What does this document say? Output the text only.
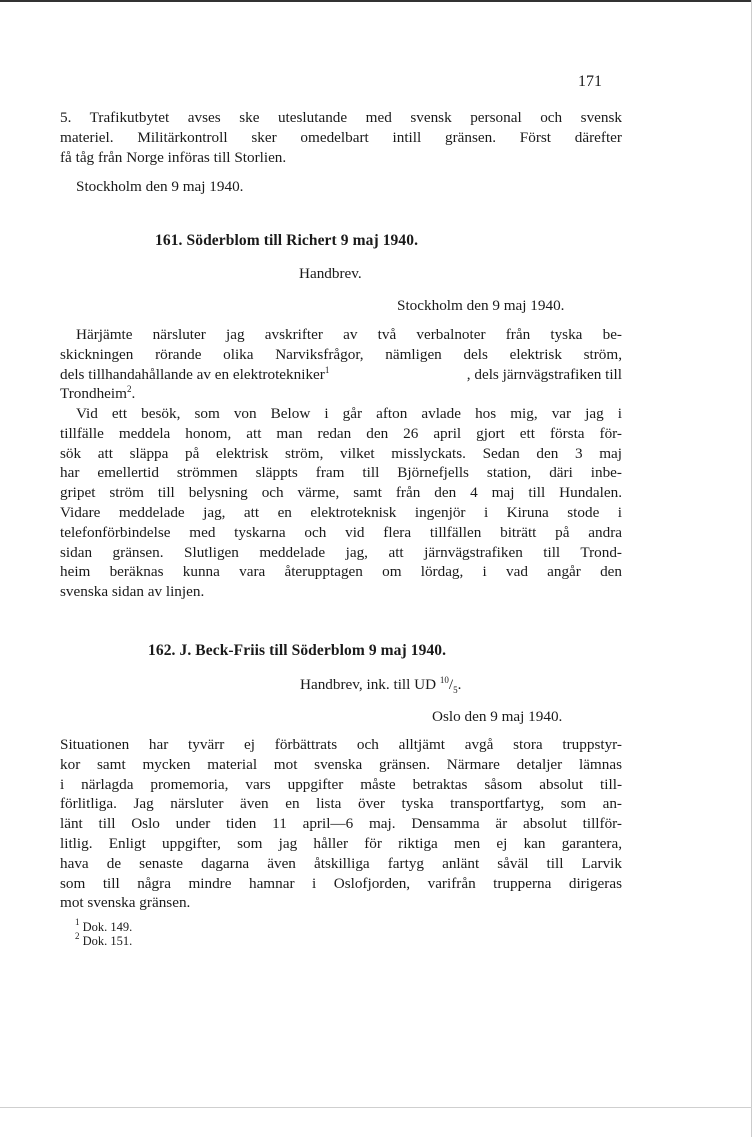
171
5. Trafikutbytet avses ske uteslutande med svensk personal och svensk
materiel. Militärkontroll sker omedelbart intill gränsen. Först därefter
få tåg från Norge införas till Storlien.
Stockholm den 9 maj 1940.
161. Söderblom till Richert 9 maj 1940.
Handbrev.
Stockholm den 9 maj 1940.
Härjämte närsluter jag avskrifter av två verbalnoter från tyska be-
skickningen rörande olika Narviksfrågor, nämligen dels elektrisk ström,
dels tillhandahållande av en elektrotekniker$^1$	, dels järnvägstrafiken till
Trondheim$^2$.
Vid ett besök, som von Below i går afton avlade hos mig, var jag i
tillfälle meddela honom, att man redan den 26 april gjort ett första för-
sök att släppa på elektrisk ström, vilket misslyckats. Sedan den 3 maj
har emellertid strömmen släppts fram till Björnefjells station, däri inbe-
gripet ström till belysning och värme, samt från den 4 maj till Hundalen.
Vidare meddelade jag, att en elektroteknisk ingenjör i Kiruna stode i
telefonförbindelse med tyskarna och vid flera tillfällen biträtt på andra
sidan gränsen. Slutligen meddelade jag, att järnvägstrafiken till Trond-
heim beräknas kunna vara återupptagen om lördag, i vad angår den
svenska sidan av linjen.
162. J. Beck-Friis till Söderblom 9 maj 1940.
Handbrev, ink. till UD $^{10}/_5$.
Oslo den 9 maj 1940.
Situationen har tyvärr ej förbättrats och alltjämt avgå stora truppstyr-
kor samt mycken material mot svenska gränsen. Närmare detaljer lämnas
i närlagda promemoria, vars uppgifter måste betraktas såsom absolut till-
förlitliga. Jag närsluter även en lista över tyska transportfartyg, som an-
länt till Oslo under tiden 11 april—6 maj. Densamma är absolut tillför-
litlig. Enligt uppgifter, som jag håller för riktiga men ej kan garantera,
hava de senaste dagarna även åtskilliga fartyg anlänt såväl till Larvik
som till några mindre hamnar i Oslofjorden, varifrån trupperna dirigeras
mot svenska gränsen.
$^1$ Dok. 149.
$^2$ Dok. 151.
